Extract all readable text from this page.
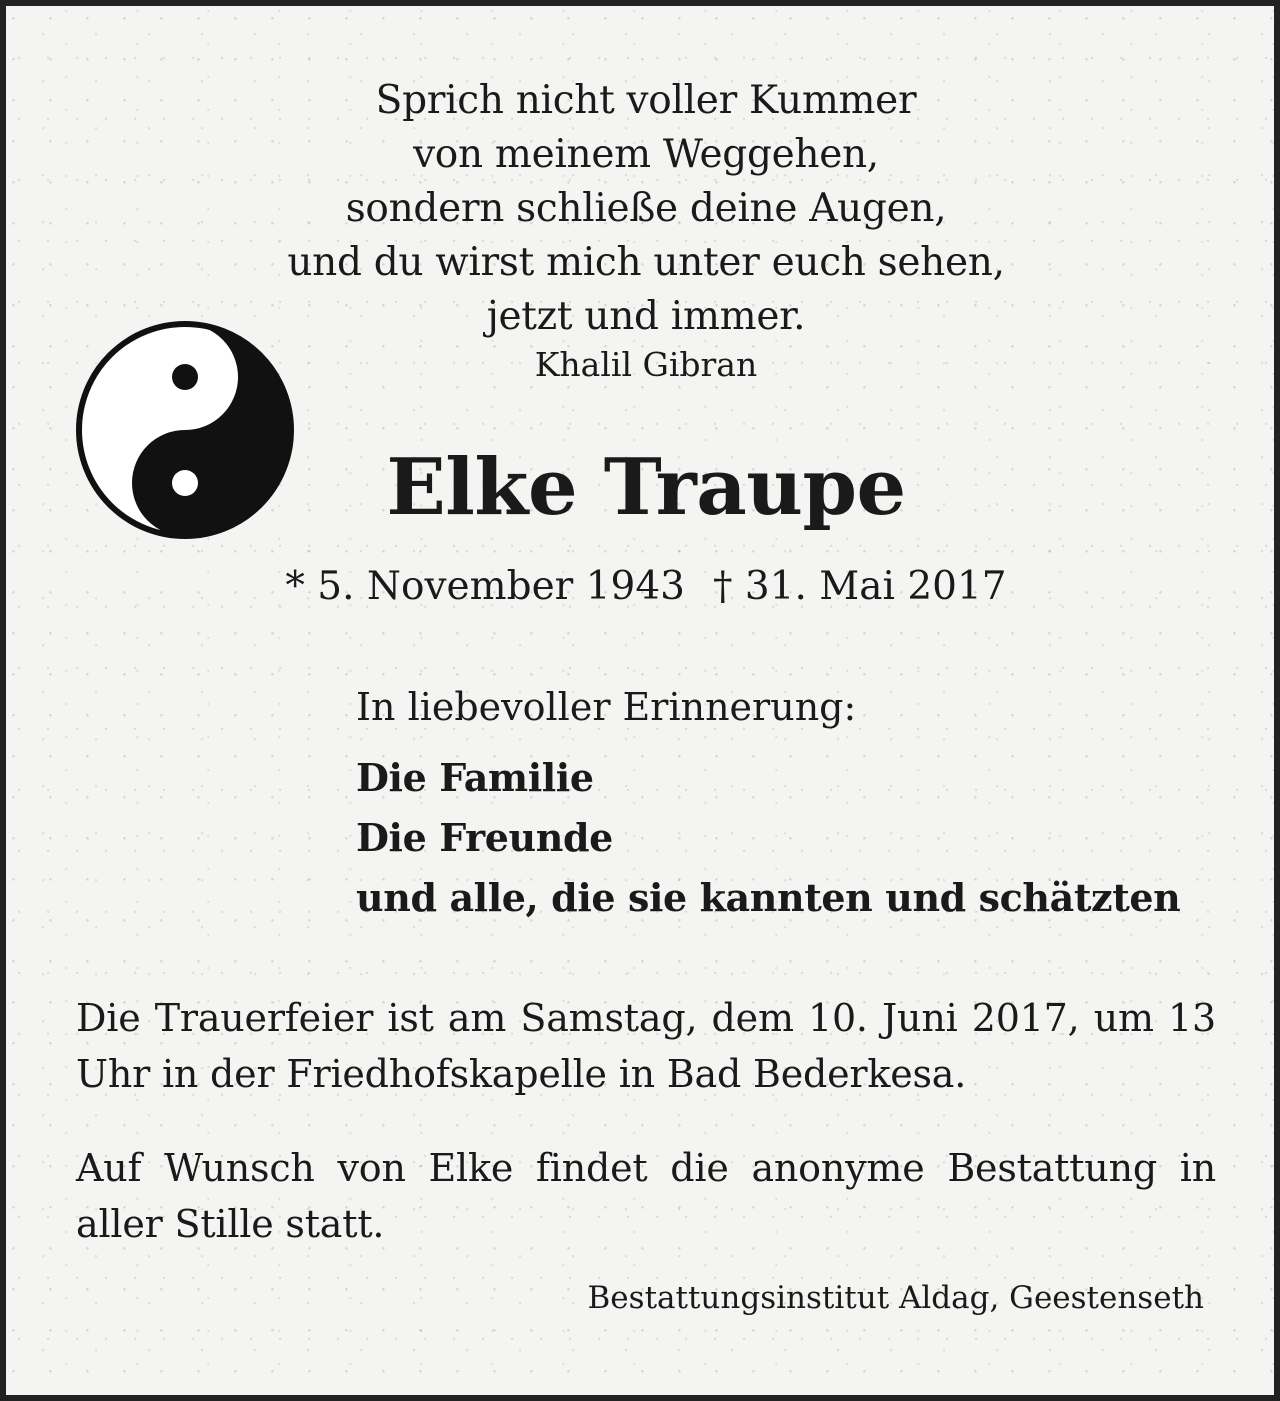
Sprich nicht voller Kummer
von meinem Weggehen,
sondern schließe deine Augen,
und du wirst mich unter euch sehen,
jetzt und immer.
Khalil Gibran
Elke Traupe
* 5. November 1943 † 31. Mai 2017
In liebevoller Erinnerung:
Die Familie
Die Freunde
und alle, die sie kannten und schätzten
Die Trauerfeier ist am Samstag, dem 10. Juni 2017, um 13 Uhr in der Friedhofskapelle in Bad Bederkesa.
Auf Wunsch von Elke findet die anonyme Bestattung in aller Stille statt.
Bestattungsinstitut Aldag, Geestenseth
